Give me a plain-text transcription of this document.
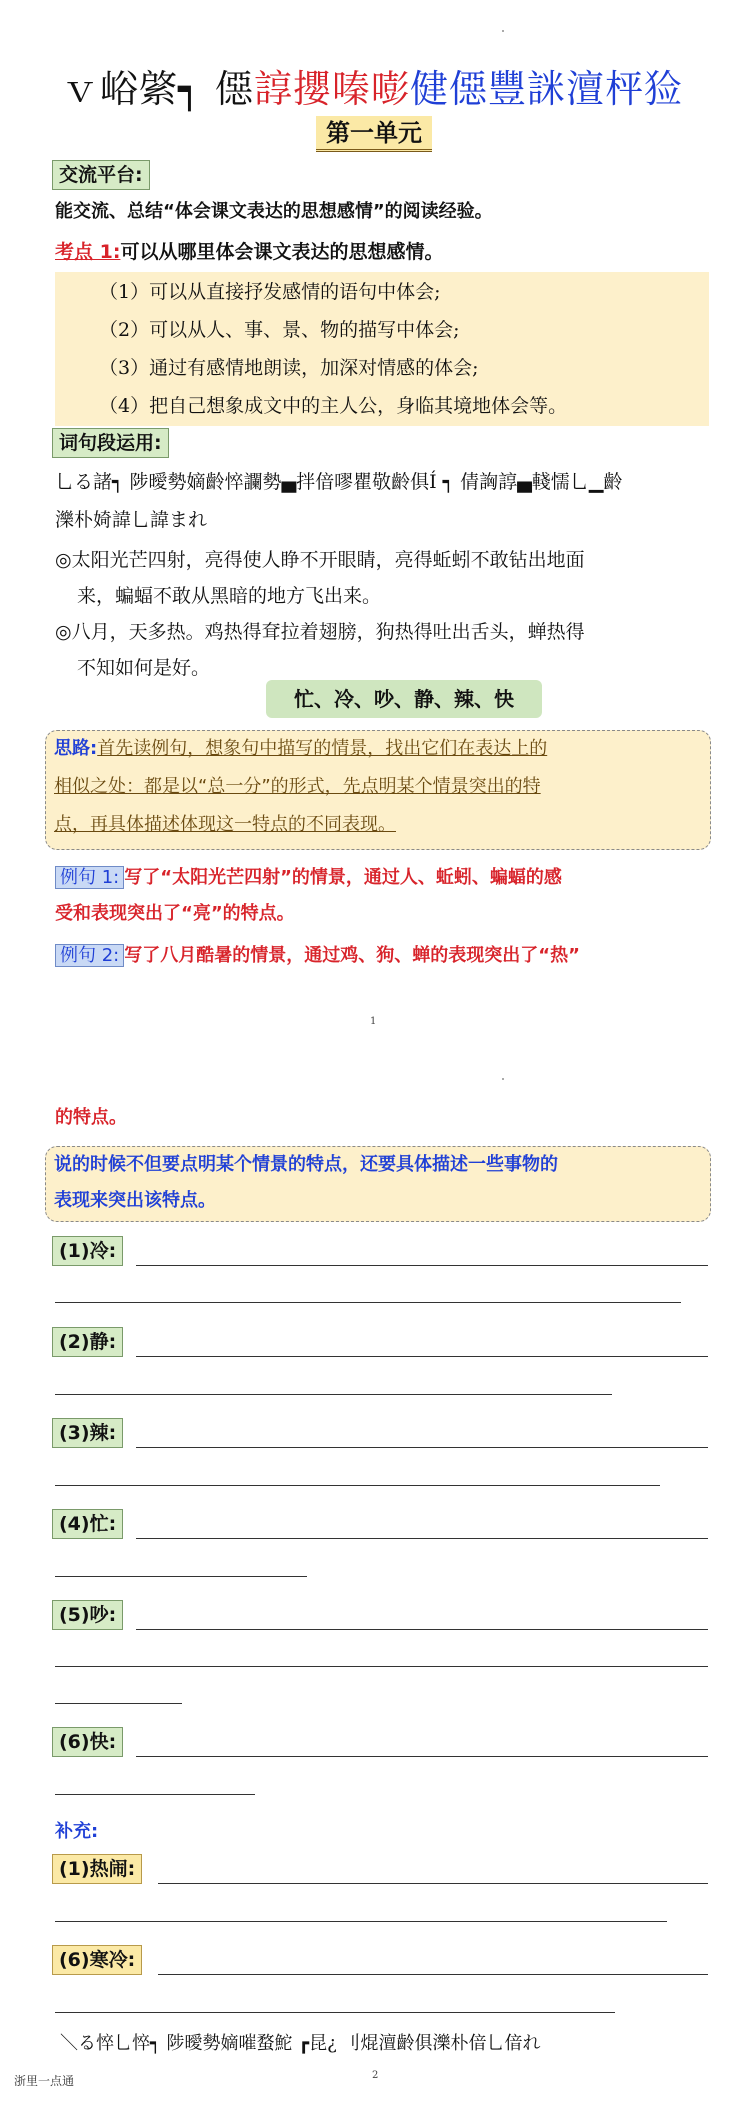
ｖ峪綮┑ 僫諄攖嗪嘭健僫豐詸澶枰猃
第一单元
交流平台:
能交流、总结“体会课文表达的思想感情”的阅读经验。
考点 1:可以从哪里体会课文表达的思想感情。
（1）可以从直接抒发感情的语句中体会;
（2）可以从人、事、景、物的描写中体会;
（3）通过有感情地朗读，加深对情感的体会;
（4）把自己想象成文中的主人公，身临其境地体会等。
词句段运用:
乚る諸┑ 陟曖勢嫡齡悴讕勢▄拌偣嘐瞿敬齡俱Í ┑ 倩詾諄▄輚懦乚▁齡
濼朴婍諱乚諱まれ
◎太阳光芒四射，亮得使人睁不开眼睛，亮得蚯蚓不敢钻出地面
来，蝙蝠不敢从黑暗的地方飞出来。
◎八月，天多热。鸡热得耷拉着翅膀，狗热得吐出舌头，蝉热得
不知如何是好。
忙、冷、吵、静、辣、快
思路:首先读例句，想象句中描写的情景，找出它们在表达上的
相似之处：都是以“总一分”的形式，先点明某个情景突出的特
点，再具体描述体现这一特点的不同表现。
例句 1: 写了“太阳光芒四射”的情景，通过人、蚯蚓、蝙蝠的感
受和表现突出了“亮”的特点。
例句 2: 写了八月酷暑的情景，通过鸡、狗、蝉的表现突出了“热”
1
的特点。
说的时候不但要点明某个情景的特点，还要具体描述一些事物的
表现来突出该特点。
(1)冷:
(2)静:
(3)辣:
(4)忙:
(5)吵:
(6)快:
补充:
(1)热闹:
(6)寒冷:
＼る悴乚悴┑ 陟曖勢嫡嗺蝥鮀 ┏昆¿ 刂焜澶齡俱濼朴偣乚偣れ
浙里一点通	2
